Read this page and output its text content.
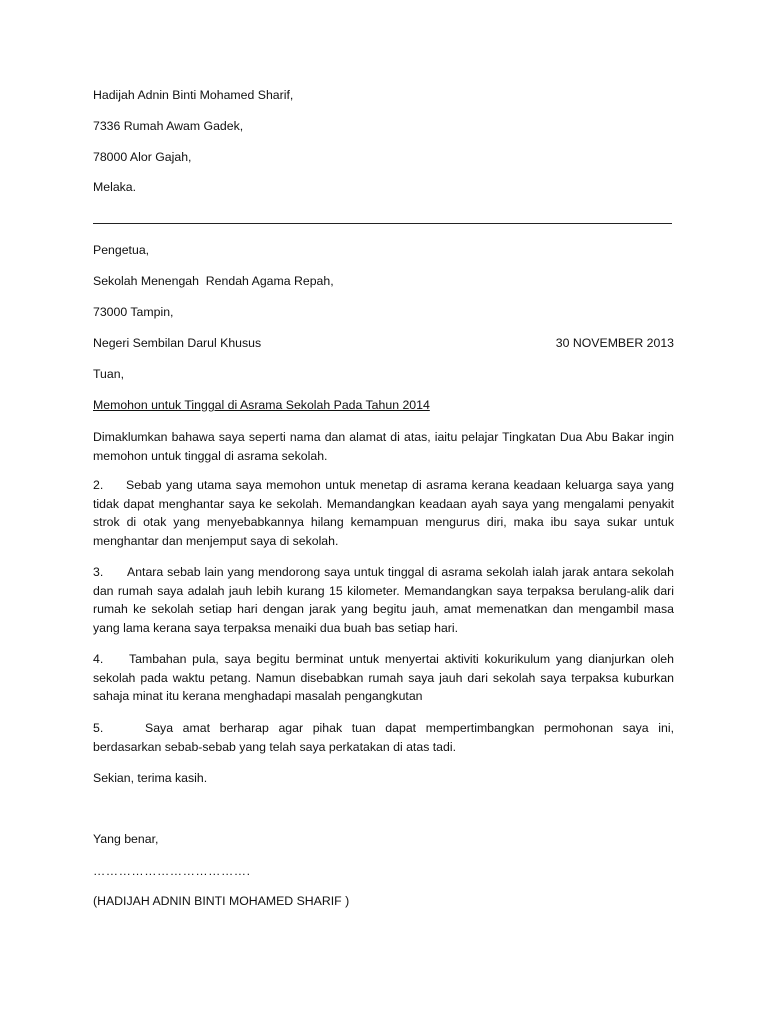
Hadijah Adnin Binti Mohamed Sharif,
7336 Rumah Awam Gadek,
78000 Alor Gajah,
Melaka.
Pengetua,
Sekolah Menengah  Rendah Agama Repah,
73000 Tampin,
Negeri Sembilan Darul Khusus	30 NOVEMBER 2013
Tuan,
Memohon untuk Tinggal di Asrama Sekolah Pada Tahun 2014
Dimaklumkan bahawa saya seperti nama dan alamat di atas, iaitu pelajar Tingkatan Dua Abu Bakar ingin memohon untuk tinggal di asrama sekolah.
2. Sebab yang utama saya memohon untuk menetap di asrama kerana keadaan keluarga saya yang tidak dapat menghantar saya ke sekolah. Memandangkan keadaan ayah saya yang mengalami penyakit strok di otak yang menyebabkannya hilang kemampuan mengurus diri, maka ibu saya sukar untuk menghantar dan menjemput saya di sekolah.
3. Antara sebab lain yang mendorong saya untuk tinggal di asrama sekolah ialah jarak antara sekolah dan rumah saya adalah jauh lebih kurang 15 kilometer. Memandangkan saya terpaksa berulang-alik dari rumah ke sekolah setiap hari dengan jarak yang begitu jauh, amat memenatkan dan mengambil masa yang lama kerana saya terpaksa menaiki dua buah bas setiap hari.
4. Tambahan pula, saya begitu berminat untuk menyertai aktiviti kokurikulum yang dianjurkan oleh sekolah pada waktu petang. Namun disebabkan rumah saya jauh dari sekolah saya terpaksa kuburkan sahaja minat itu kerana menghadapi masalah pengangkutan
5.	Saya amat berharap agar pihak tuan dapat mempertimbangkan permohonan saya ini, berdasarkan sebab-sebab yang telah saya perkatakan di atas tadi.
Sekian, terima kasih.
Yang benar,
……………………………….
(HADIJAH ADNIN BINTI MOHAMED SHARIF )
